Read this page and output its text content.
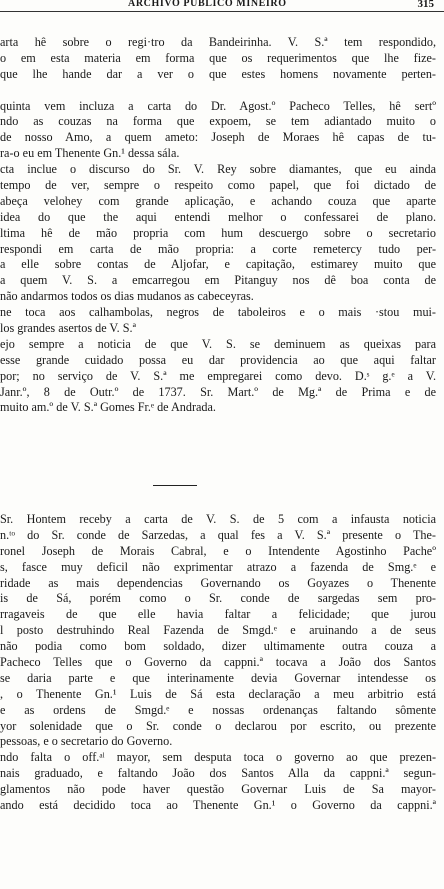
ARCHIVO PUBLICO MINEIRO	315
arta hê sobre o regi·tro da Bandeirinha. V. S.ª tem respondido,
o em esta materia em forma que os requerimentos que lhe fize-
que lhe hande dar a ver o que estes homens novamente perten-
quinta vem incluza a carta do Dr. Agost.º Pacheco Telles, hê sertº
ndo as couzas na forma que expoem, se tem adiantado muito o
de nosso Amo, a quem ameto: Joseph de Moraes hê capas de tu-
ra-o eu em Thenente Gn.¹ dessa sála.
cta inclue o discurso do Sr. V. Rey sobre diamantes, que eu ainda
tempo de ver, sempre o respeito como papel, que foi dictado de
abeça velohey com grande aplicação, e achando couza que aparte
idea do que the aqui entendi melhor o confessarei de plano.
ltima hê de mão propria com hum descuergo sobre o secretario
respondi em carta de mão propria: a corte remetercy tudo per-
a elle sobre contas de Aljofar, e capitação, estimarey muito que
a quem V. S. a emcarregou em Pitanguy nos dê boa conta de
não andarmos todos os dias mudanos as cabeceyras.
ne toca aos calhambolas, negros de taboleiros e o mais ·stou mui-
los grandes asertos de V. S.ª
ejo sempre a noticia de que V. S. se deminuem as queixas para
esse grande cuidado possa eu dar providencia ao que aqui faltar
por; no serviço de V. S.ª me empregarei como devo. D.ˢ g.ᵉ a V.
Janr.º, 8 de Outr.º de 1737. Sr. Mart.º de Mg.ª de Prima e de
muito am.º de V. S.ª Gomes Fr.ᵉ de Andrada.
Sr. Hontem receby a carta de V. S. de 5 com a infausta noticia
n.ᵗᵒ do Sr. conde de Sarzedas, a qual fes a V. S.ª presente o The-
ronel Joseph de Morais Cabral, e o Intendente Agostinho Pacheº
s, fasce muy deficil não exprimentar atrazo a fazenda de Smg.ᵉ e
ridade as mais dependencias Governando os Goyazes o Thenente
is de Sá, porém como o Sr. conde de sargedas sem pro-
rragaveis de que elle havia faltar a felicidade; que jurou
l posto destruhindo Real Fazenda de Smgd.ᵉ e aruinando a de seus
não podia como bom soldado, dizer ultimamente outra couza a
Pacheco Telles que o Governo da cappni.ª tocava a João dos Santos
se daria parte e que interinamente devia Governar intendesse os
, o Thenente Gn.¹ Luis de Sá esta declaração a meu arbitrio está
e as ordens de Smgd.ᵉ e nossas ordenanças faltando sômente
yor solenidade que o Sr. conde o declarou por escrito, ou prezente
pessoas, e o secretario do Governo.
ndo falta o off.ᵃˡ mayor, sem desputa toca o governo ao que prezen-
nais graduado, e faltando João dos Santos Alla da cappni.ª segun-
glamentos não pode haver questão Governar Luis de Sa mayor-
ando está decidido toca ao Thenente Gn.¹ o Governo da cappni.ª
